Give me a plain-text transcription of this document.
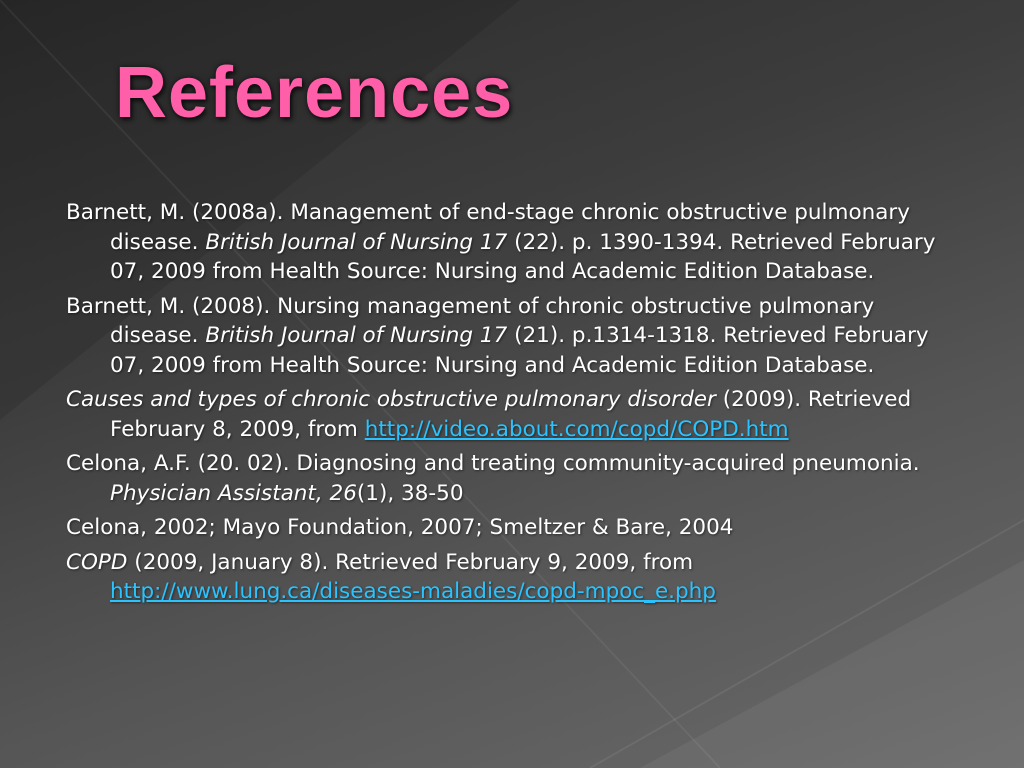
References
Barnett, M. (2008a). Management of end-stage chronic obstructive pulmonary disease. British Journal of Nursing 17 (22). p. 1390-1394. Retrieved February 07, 2009 from Health Source: Nursing and Academic Edition Database.
Barnett, M. (2008). Nursing management of chronic obstructive pulmonary disease. British Journal of Nursing 17 (21). p.1314-1318. Retrieved February 07, 2009 from Health Source: Nursing and Academic Edition Database.
Causes and types of chronic obstructive pulmonary disorder (2009). Retrieved February 8, 2009, from http://video.about.com/copd/COPD.htm
Celona, A.F. (20. 02). Diagnosing and treating community-acquired pneumonia. Physician Assistant, 26(1), 38-50
Celona, 2002; Mayo Foundation, 2007; Smeltzer & Bare, 2004
COPD (2009, January 8). Retrieved February 9, 2009, from http://www.lung.ca/diseases-maladies/copd-mpoc_e.php
